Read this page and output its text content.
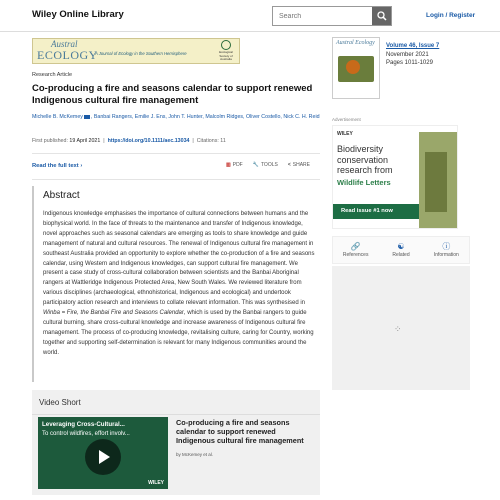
Wiley Online Library
Search	Login / Register
Austral
ECOLOGY
A Journal of Ecology in the Southern Hemisphere	Ecological Society of Australia
Research Article
Co-producing a fire and seasons calendar to support renewed Indigenous cultural fire management
Michelle B. McKemey , Banbai Rangers, Emilie J. Ens, John T. Hunter, Malcolm Ridges, Oliver Costello, Nick C. H. Reid
First published: 19 April 2021  |  https://doi.org/10.1111/aec.13034  |  Citations: 11
Read the full text ›	▥ PDF 🔧 TOOLS < SHARE
Abstract

Indigenous knowledge emphasises the importance of cultural connections between humans and the biophysical world. In the face of threats to the maintenance and transfer of Indigenous knowledge, novel approaches such as seasonal calendars are emerging as tools to share knowledge and guide management of natural and cultural resources. The renewal of Indigenous cultural fire management in southeast Australia provided an opportunity to explore whether the co-production of a fire and seasons calendar, using Western and Indigenous knowledges, can support cultural fire management. We present a case study of cross-cultural collaboration between scientists and the Banbai Aboriginal rangers at Wattleridge Indigenous Protected Area, New South Wales. We reviewed literature from various disciplines (archaeological, ethnohistorical, Indigenous and ecological) and undertook participatory action research and interviews to collate relevant information. This was synthesised in Winba = Fire, the Banbai Fire and Seasons Calendar, which is used by the Banbai rangers to guide cultural burning, share cross-cultural knowledge and increase awareness of Indigenous cultural fire management. The process of co-producing knowledge, revitalising culture, caring for Country, working together and supporting self-determination is relevant for many Indigenous communities around the world.

Video Short
Leveraging Cross-Cultural...
To control wildfires, effort involv...
WILEY
Co-producing a fire and seasons calendar to support renewed Indigenous cultural fire management
by McKemey et al.
Austral Ecology Volume 46, Issue 7
November 2021
Pages 1011-1029
Advertisement
WILEY
Biodiversity conservation research from
Wildlife Letters
Read issue #1 now
🔗
References
☯
Related
ⓘ
Information
⁘
